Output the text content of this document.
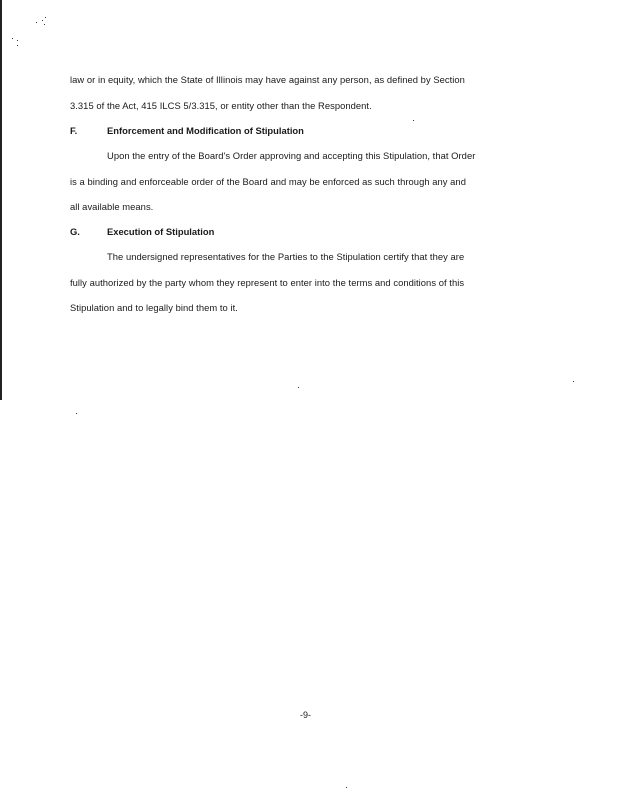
law or in equity, which the State of Illinois may have against any person, as defined by Section
3.315 of the Act, 415 ILCS 5/3.315, or entity other than the Respondent.
F.	Enforcement and Modification of Stipulation
Upon the entry of the Board's Order approving and accepting this Stipulation, that Order
is a binding and enforceable order of the Board and may be enforced as such through any and
all available means.
G.	Execution of Stipulation
The undersigned representatives for the Parties to the Stipulation certify that they are
fully authorized by the party whom they represent to enter into the terms and conditions of this
Stipulation and to legally bind them to it.
-9-
